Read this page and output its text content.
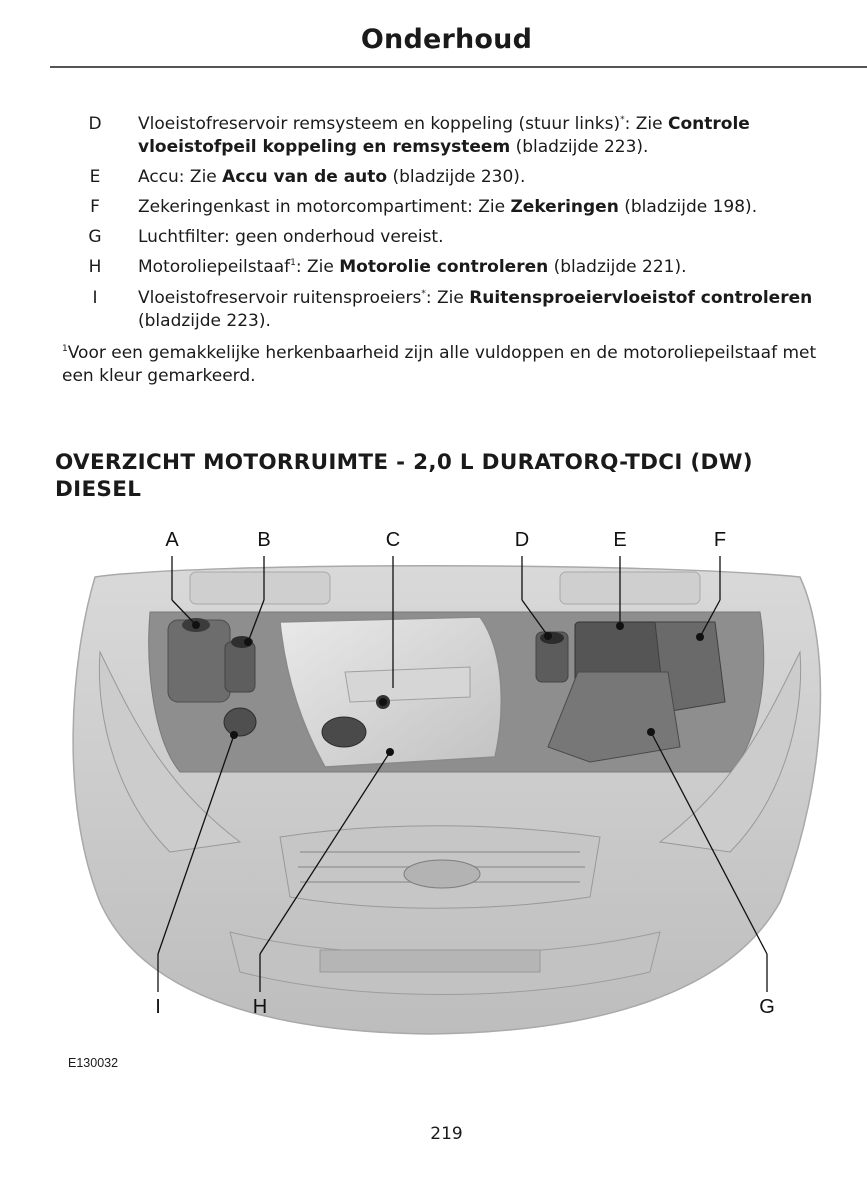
Onderhoud
D	Vloeistofreservoir remsysteem en koppeling (stuur links)*: Zie Controle vloeistofpeil koppeling en remsysteem (bladzijde 223).
E	Accu: Zie Accu van de auto (bladzijde 230).
F	Zekeringenkast in motorcompartiment: Zie Zekeringen (bladzijde 198).
G	Luchtfilter: geen onderhoud vereist.
H	Motoroliepeilstaaf$^1$: Zie Motorolie controleren (bladzijde 221).
I	Vloeistofreservoir ruitensproeiers*: Zie Ruitensproeiervloeistof controleren (bladzijde 223).
$^1$Voor een gemakkelijke herkenbaarheid zijn alle vuldoppen en de motoroliepeilstaaf met een kleur gemarkeerd.
OVERZICHT MOTORRUIMTE - 2,0 L DURATORQ-TDCI (DW) DIESEL
A	B	C	D	E	F
G
H
I
E130032
219
